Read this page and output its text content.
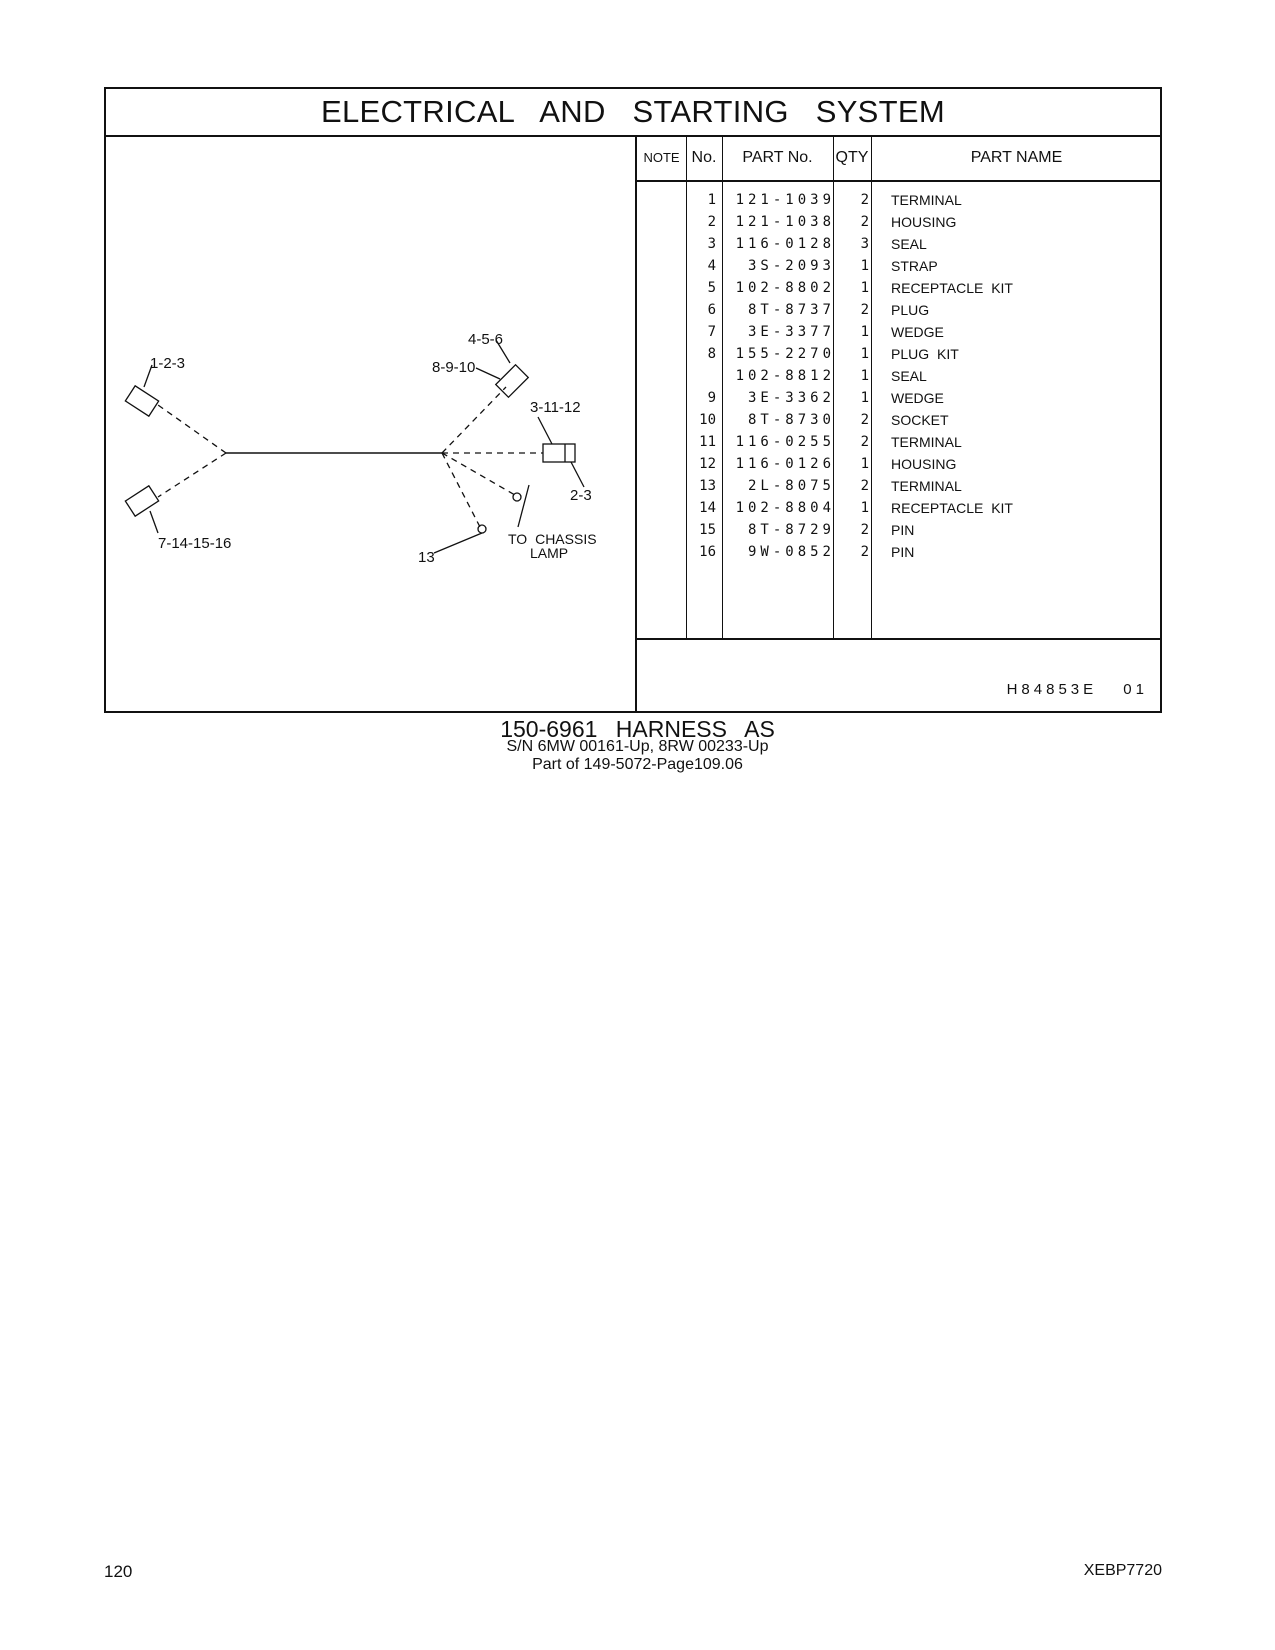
ELECTRICAL AND STARTING SYSTEM
1-2-3
4-5-6
8-9-10
3-11-12
2-3
7-14-15-16
13
TO CHASSIS
LAMP
NOTE No.	PART No.	QTY	PART NAME
1	121-1039	2 TERMINAL
2	121-1038	2 HOUSING
3	116-0128	3 SEAL
4	3S-2093	1 STRAP
5	102-8802	1 RECEPTACLE KIT
6	8T-8737	2 PLUG
7	3E-3377	1 WEDGE
8	155-2270	1 PLUG KIT
102-8812	1 SEAL
9	3E-3362	1 WEDGE
10	8T-8730	2 SOCKET
11	116-0255	2 TERMINAL
12	116-0126	1 HOUSING
13	2L-8075	2 TERMINAL
14	102-8804	1 RECEPTACLE KIT
15	8T-8729	2 PIN
16	9W-0852	2 PIN
H84853E 01
150-6961 HARNESS AS
S/N 6MW 00161-Up, 8RW 00233-Up
Part of 149-5072-Page109.06
120	XEBP7720
